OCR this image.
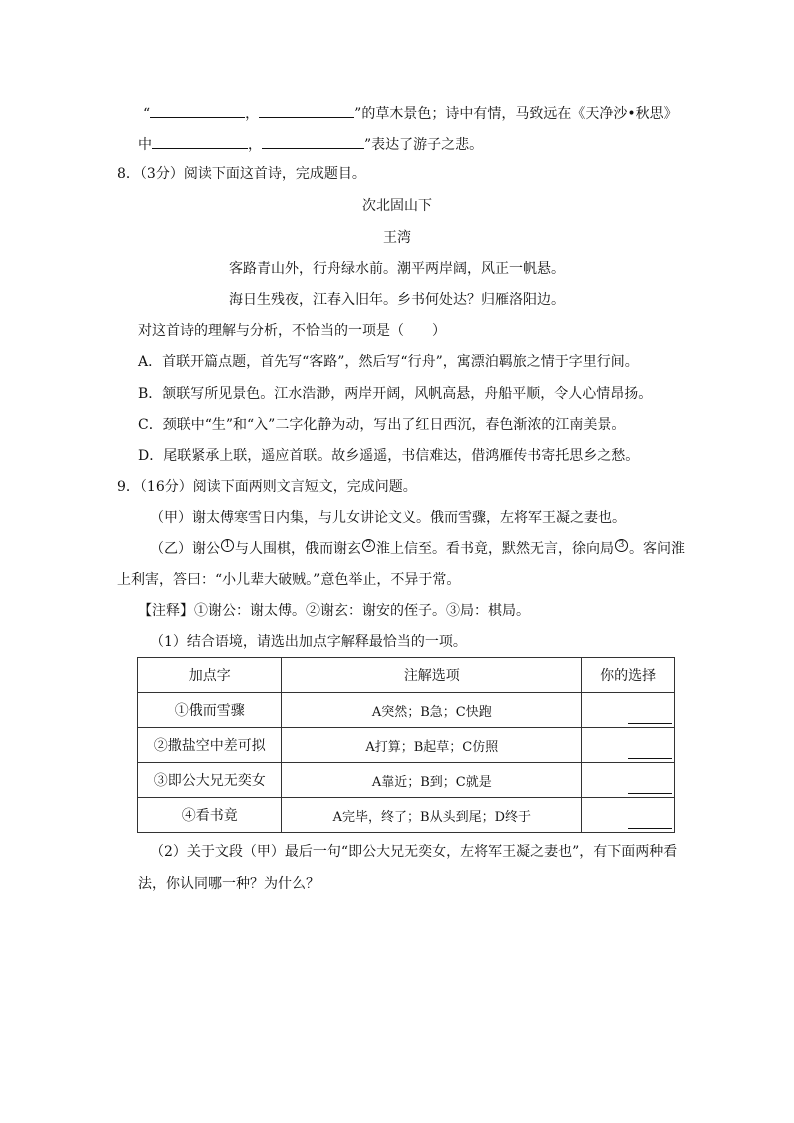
“	，	”的草木景色；诗中有情，马致远在《天净沙•秋思》
中	，	”表达了游子之悲。
8．（3分）阅读下面这首诗，完成题目。
次北固山下
王湾
客路青山外，行舟绿水前。潮平两岸阔，风正一帆悬。
海日生残夜，江春入旧年。乡书何处达？归雁洛阳边。
对这首诗的理解与分析，不恰当的一项是（　　）
A．首联开篇点题，首先写“客路”，然后写“行舟”，寓漂泊羁旅之情于字里行间。
B．颔联写所见景色。江水浩渺，两岸开阔，风帆高悬，舟船平顺，令人心情昂扬。
C．颈联中“生”和“入”二字化静为动，写出了红日西沉，春色渐浓的江南美景。
D．尾联紧承上联，遥应首联。故乡遥遥，书信难达，借鸿雁传书寄托思乡之愁。
9．（16分）阅读下面两则文言短文，完成问题。
（甲）谢太傅寒雪日内集，与儿女讲论文义。俄而雪骤，左将军王凝之妻也。
（乙）谢公 1 与人围棋，俄而谢玄 2 淮上信至。看书竟，默然无言，徐向局 3 。客问淮
上利害，答曰：“小儿辈大破贼。”意色举止，不异于常。
【注释】①谢公：谢太傅。②谢玄：谢安的侄子。③局：棋局。
（1）结合语境，请选出加点字解释最恰当的一项。
加点字	注解选项	你的选择
①俄而雪骤	A突然；B急；C快跑	

②撒盐空中差可拟	A打算；B起草；C仿照	

③即公大兄无奕女	A靠近；B到；C就是	

④看书竟	A完毕，终了；B从头到尾；D终于	
（2）关于文段（甲）最后一句“即公大兄无奕女，左将军王凝之妻也”，有下面两种看
法，你认同哪一种？为什么？
